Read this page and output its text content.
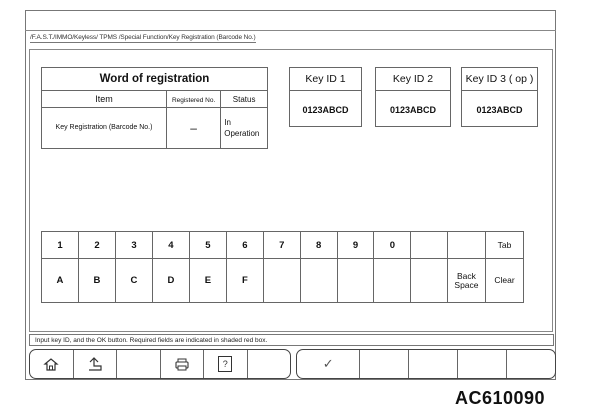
/F.A.S.T./IMMO/Keyless/ TPMS /Special Function/Key Registration (Barcode No.)
Word of registration		
Item	Registered No.	Status
Key Registration (Barcode No.)	–	In
Operation
Key ID 1
0123ABCD
Key ID 2
0123ABCD
Key ID 3 ( op )
0123ABCD
1	2	3	4	5	6	7	8	9	0			Tab
A	B	C	D	E	F						Back Space	Clear
Input key ID, and the OK button. Required fields are indicated in shaded red box.
?	✓
AC610090
